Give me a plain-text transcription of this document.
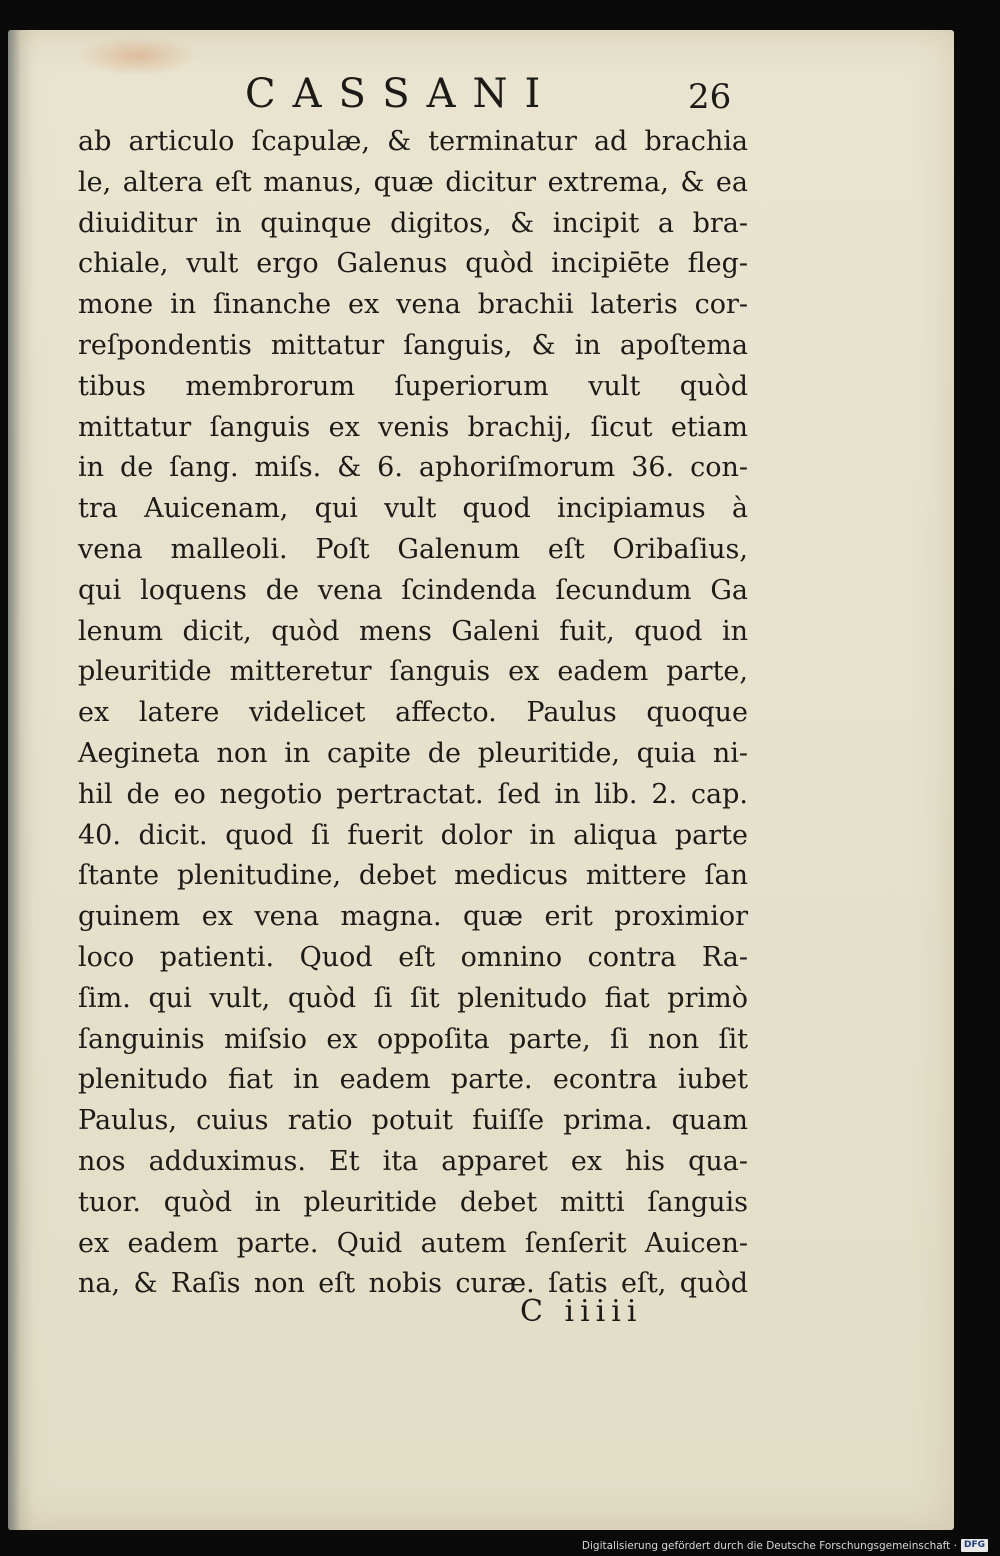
CASSANI	26
ab articulo ſcapulæ, & terminatur ad brachia
le, altera eſt manus, quæ dicitur extrema, & ea
diuiditur in quinque digitos, & incipit a bra-
chiale, vult ergo Galenus quòd incipiēte fleg-
mone in ſinanche ex vena brachii lateris cor-
reſpondentis mittatur ſanguis, & in apoſtema
tibus membrorum ſuperiorum vult quòd
mittatur ſanguis ex venis brachij, ſicut etiam
in de ſang. miſs. & 6. aphoriſmorum 36. con-
tra Auicenam, qui vult quod incipiamus à
vena malleoli. Poſt Galenum eſt Oribaſius,
qui loquens de vena ſcindenda ſecundum Ga
lenum dicit, quòd mens Galeni fuit, quod in
pleuritide mitteretur ſanguis ex eadem parte,
ex latere videlicet affecto. Paulus quoque
Aegineta non in capite de pleuritide, quia ni-
hil de eo negotio pertractat. ſed in lib. 2. cap.
40. dicit. quod ſi fuerit dolor in aliqua parte
ſtante plenitudine, debet medicus mittere ſan
guinem ex vena magna. quæ erit proximior
loco patienti. Quod eſt omnino contra Ra-
ſim. qui vult, quòd ſi ſit plenitudo fiat primò
ſanguinis miſsio ex oppoſita parte, ſi non ſit
plenitudo fiat in eadem parte. econtra iubet
Paulus, cuius ratio potuit fuiſſe prima. quam
nos adduximus. Et ita apparet ex his qua-
tuor. quòd in pleuritide debet mitti ſanguis
ex eadem parte. Quid autem ſenſerit Auicen-
na, & Raſis non eſt nobis curæ. ſatis eſt, quòd
C iiiii
Digitalisierung gefördert durch die Deutsche Forschungsgemeinschaft · DFG
